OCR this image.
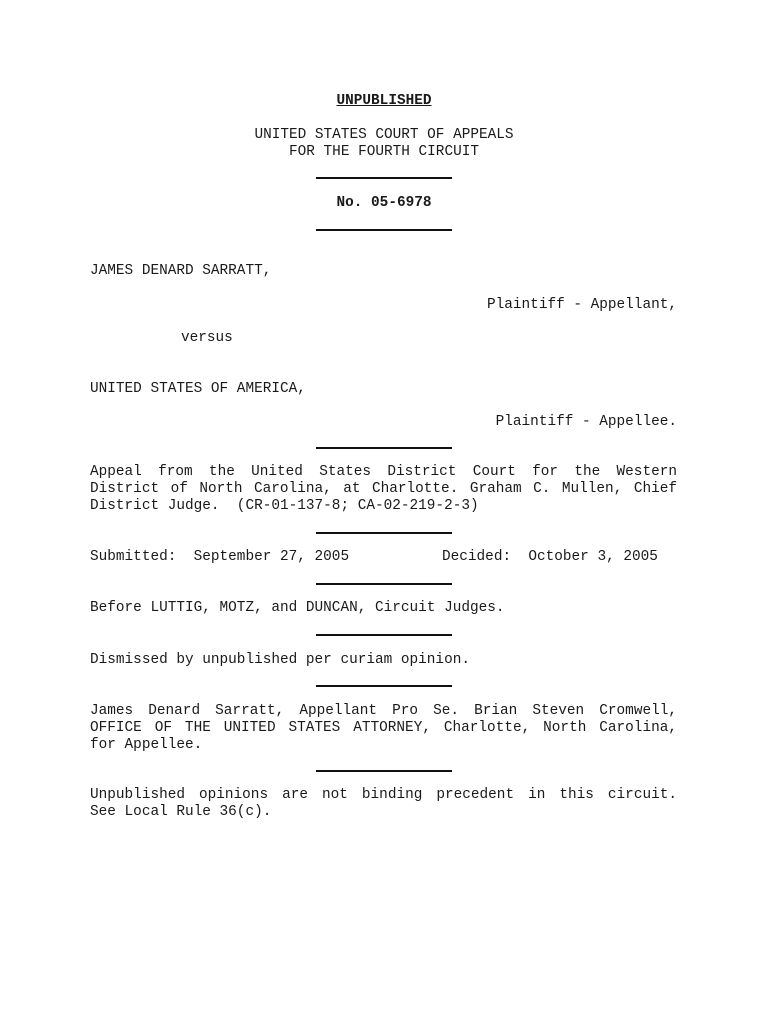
UNPUBLISHED
UNITED STATES COURT OF APPEALS
FOR THE FOURTH CIRCUIT
No. 05-6978
JAMES DENARD SARRATT,
Plaintiff - Appellant,
versus
UNITED STATES OF AMERICA,
Plaintiff - Appellee.
Appeal from the United States District Court for the Western
District of North Carolina, at Charlotte. Graham C. Mullen, Chief
District Judge.  (CR-01-137-8; CA-02-219-2-3)
Submitted:  September 27, 2005	Decided:  October 3, 2005
Before LUTTIG, MOTZ, and DUNCAN, Circuit Judges.
Dismissed by unpublished per curiam opinion.
James Denard Sarratt, Appellant Pro Se. Brian Steven Cromwell,
OFFICE OF THE UNITED STATES ATTORNEY, Charlotte, North Carolina,
for Appellee.
Unpublished opinions are not binding precedent in this circuit.
See Local Rule 36(c).
